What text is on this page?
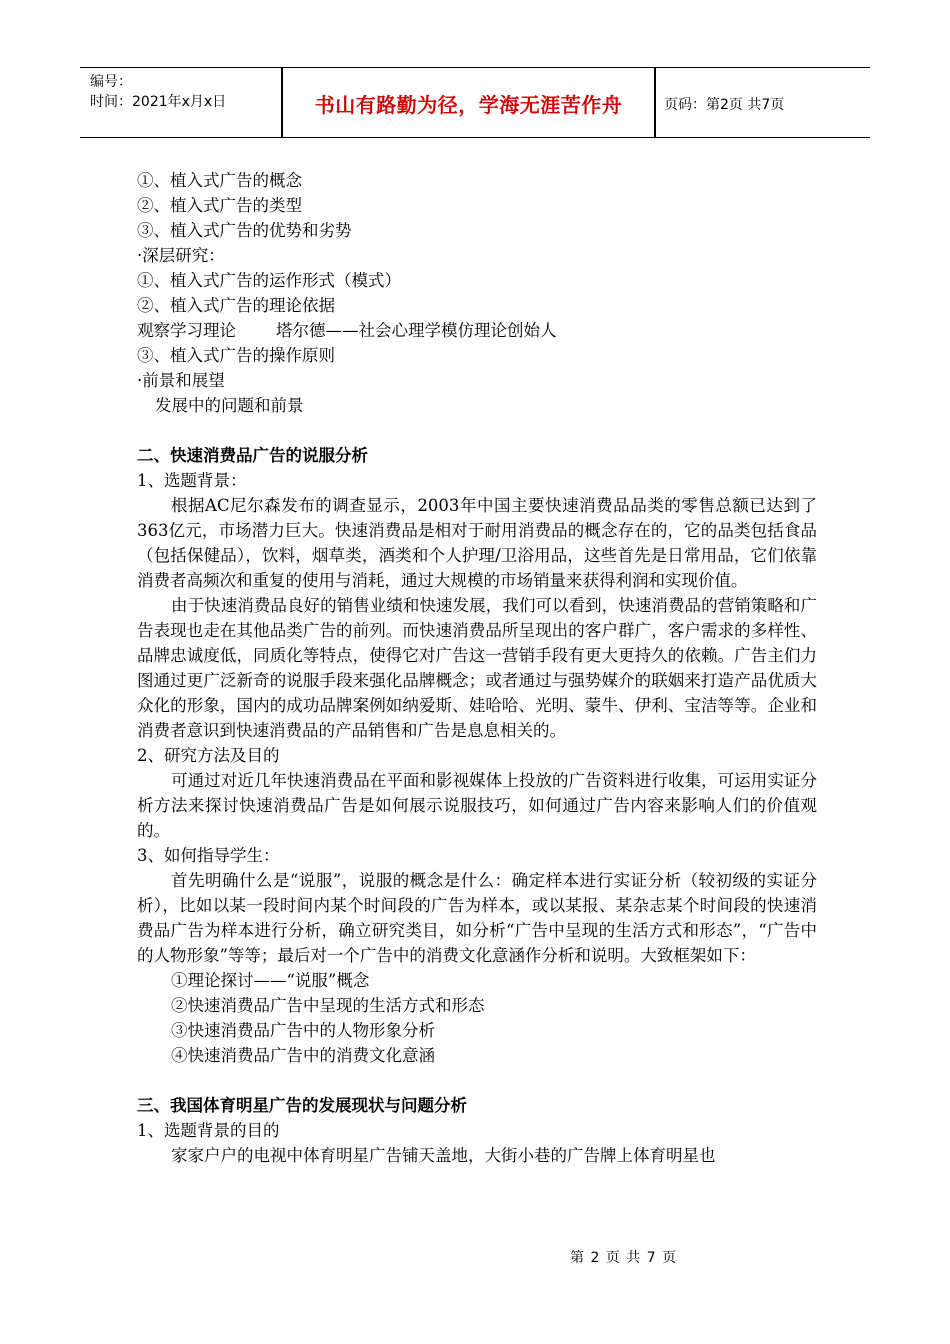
编号：
时间：2021年x月x日	书山有路勤为径，学海无涯苦作舟	页码：第2页 共7页

①、植入式广告的概念

②、植入式广告的类型

③、植入式广告的优势和劣势

·深层研究：

①、植入式广告的运作形式（模式）

②、植入式广告的理论依据

观察学习理论 塔尔德——社会心理学模仿理论创始人

③、植入式广告的操作原则

·前景和展望

发展中的问题和前景

二、快速消费品广告的说服分析

1、选题背景：

根据AC尼尔森发布的调查显示，2003年中国主要快速消费品品类的零售总额已达到了363亿元，市场潜力巨大。快速消费品是相对于耐用消费品的概念存在的，它的品类包括食品（包括保健品），饮料，烟草类，酒类和个人护理/卫浴用品，这些首先是日常用品，它们依靠消费者高频次和重复的使用与消耗，通过大规模的市场销量来获得利润和实现价值。

由于快速消费品良好的销售业绩和快速发展，我们可以看到，快速消费品的营销策略和广告表现也走在其他品类广告的前列。而快速消费品所呈现出的客户群广，客户需求的多样性、品牌忠诚度低，同质化等特点，使得它对广告这一营销手段有更大更持久的依赖。广告主们力图通过更广泛新奇的说服手段来强化品牌概念；或者通过与强势媒介的联姻来打造产品优质大众化的形象，国内的成功品牌案例如纳爱斯、娃哈哈、光明、蒙牛、伊利、宝洁等等。企业和消费者意识到快速消费品的产品销售和广告是息息相关的。

2、研究方法及目的

可通过对近几年快速消费品在平面和影视媒体上投放的广告资料进行收集，可运用实证分析方法来探讨快速消费品广告是如何展示说服技巧，如何通过广告内容来影响人们的价值观的。

3、如何指导学生：

首先明确什么是“说服”，说服的概念是什么：确定样本进行实证分析（较初级的实证分析），比如以某一段时间内某个时间段的广告为样本，或以某报、某杂志某个时间段的快速消费品广告为样本进行分析，确立研究类目，如分析“广告中呈现的生活方式和形态”，“广告中的人物形象”等等；最后对一个广告中的消费文化意涵作分析和说明。大致框架如下：

①理论探讨——“说服”概念

②快速消费品广告中呈现的生活方式和形态

③快速消费品广告中的人物形象分析

④快速消费品广告中的消费文化意涵

三、我国体育明星广告的发展现状与问题分析

1、选题背景的目的

家家户户的电视中体育明星广告铺天盖地，大街小巷的广告牌上体育明星也

第 2 页 共 7 页
